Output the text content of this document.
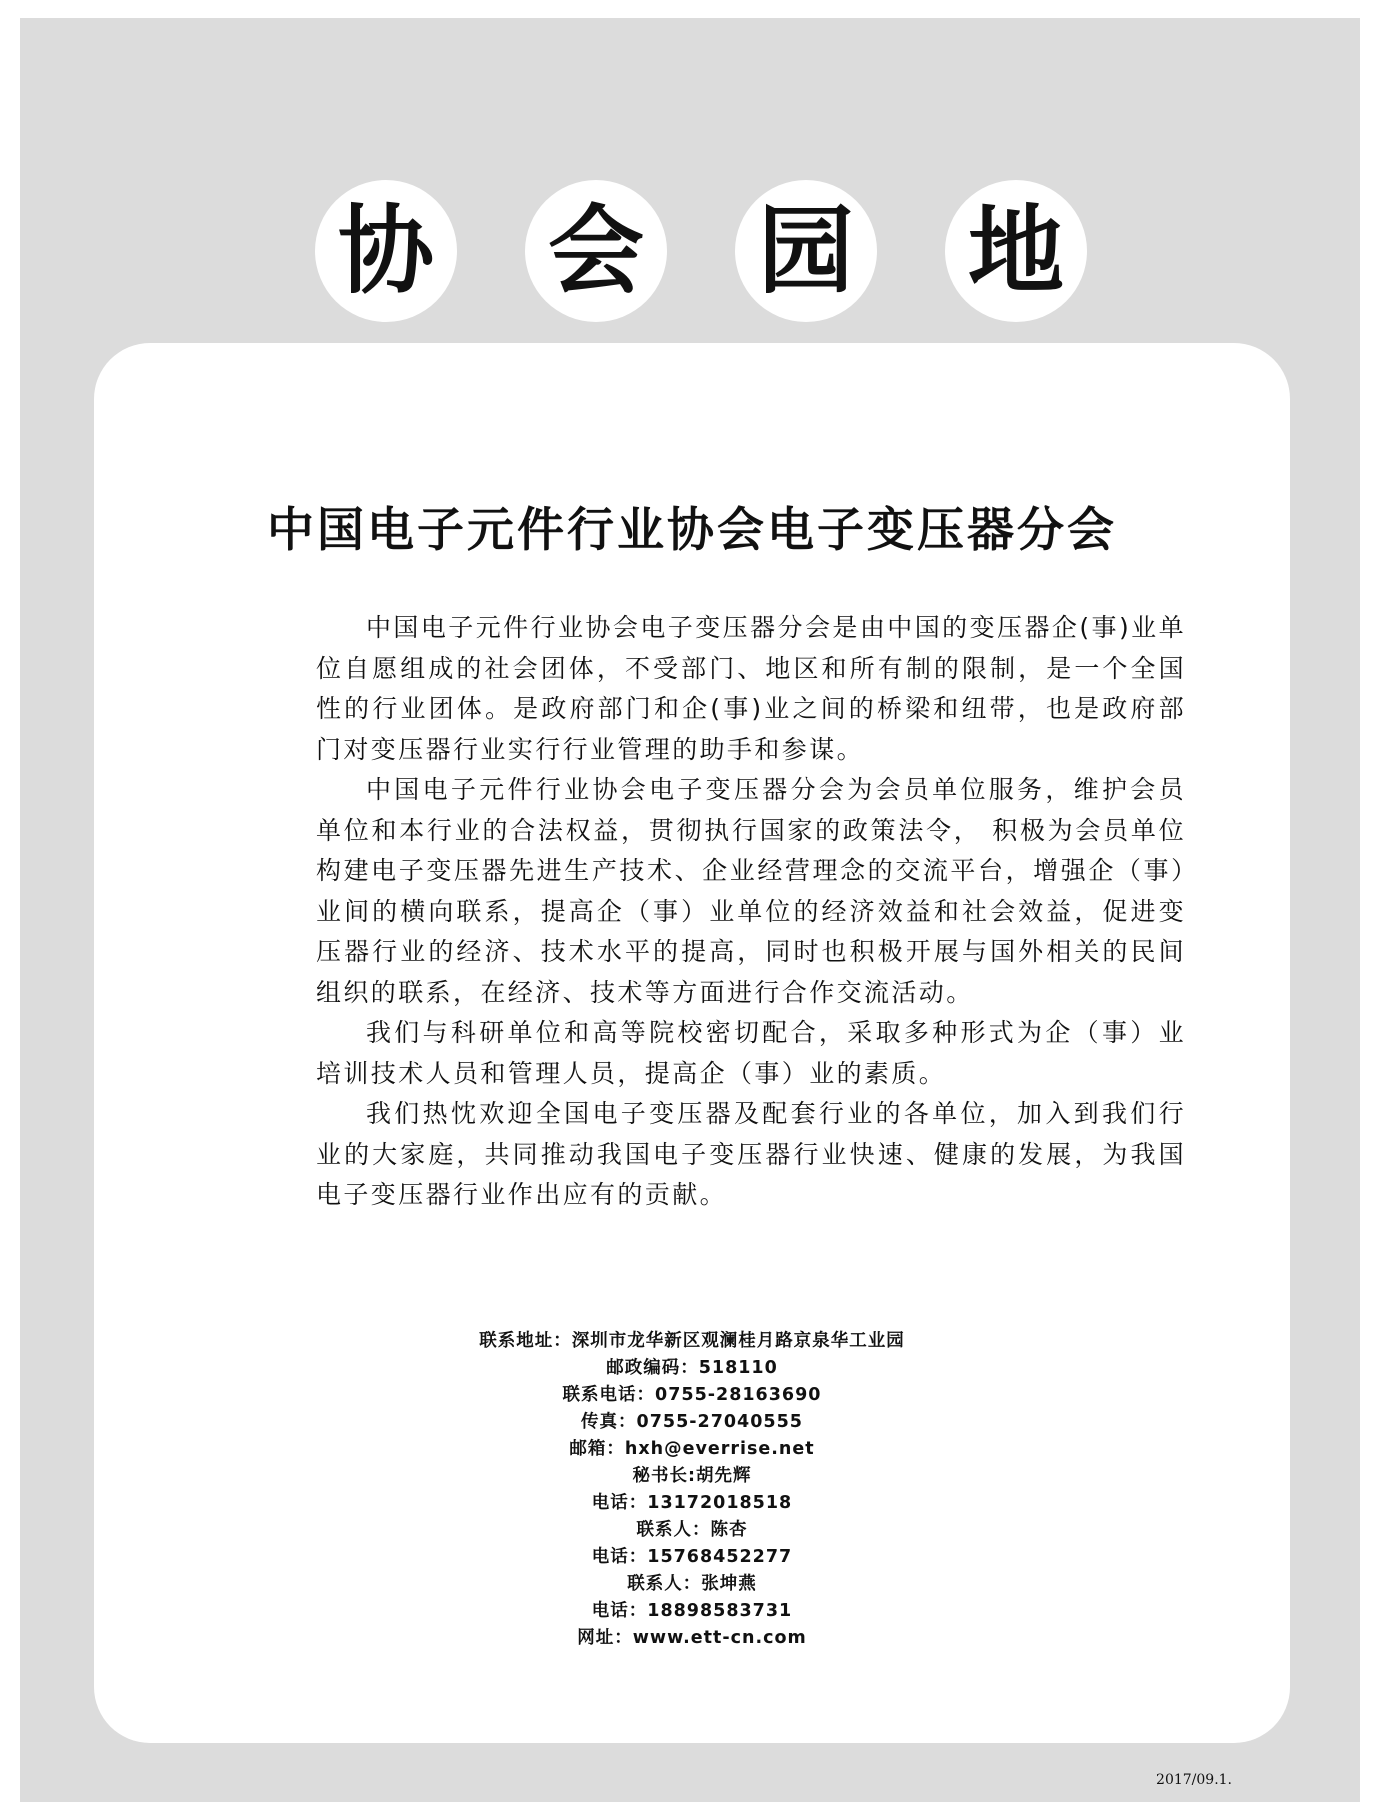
协 会 园 地
中国电子元件行业协会电子变压器分会

中国电子元件行业协会电子变压器分会是由中国的变压器企(事)业单位自愿组成的社会团体，不受部门、地区和所有制的限制，是一个全国性的行业团体。是政府部门和企(事)业之间的桥梁和纽带，也是政府部门对变压器行业实行行业管理的助手和参谋。

中国电子元件行业协会电子变压器分会为会员单位服务，维护会员单位和本行业的合法权益，贯彻执行国家的政策法令， 积极为会员单位构建电子变压器先进生产技术、企业经营理念的交流平台，增强企（事）业间的横向联系，提高企（事）业单位的经济效益和社会效益，促进变压器行业的经济、技术水平的提高，同时也积极开展与国外相关的民间组织的联系，在经济、技术等方面进行合作交流活动。

我们与科研单位和高等院校密切配合，采取多种形式为企（事）业培训技术人员和管理人员，提高企（事）业的素质。

我们热忱欢迎全国电子变压器及配套行业的各单位，加入到我们行业的大家庭，共同推动我国电子变压器行业快速、健康的发展，为我国电子变压器行业作出应有的贡献。

联系地址：深圳市龙华新区观澜桂月路京泉华工业园
邮政编码：518110
联系电话：0755-28163690
传真：0755-27040555
邮箱：hxh@everrise.net
秘书长:胡先辉
电话：13172018518
联系人：陈杏
电话：15768452277
联系人：张坤燕
电话：18898583731
网址：www.ett-cn.com
2017/09.1.
